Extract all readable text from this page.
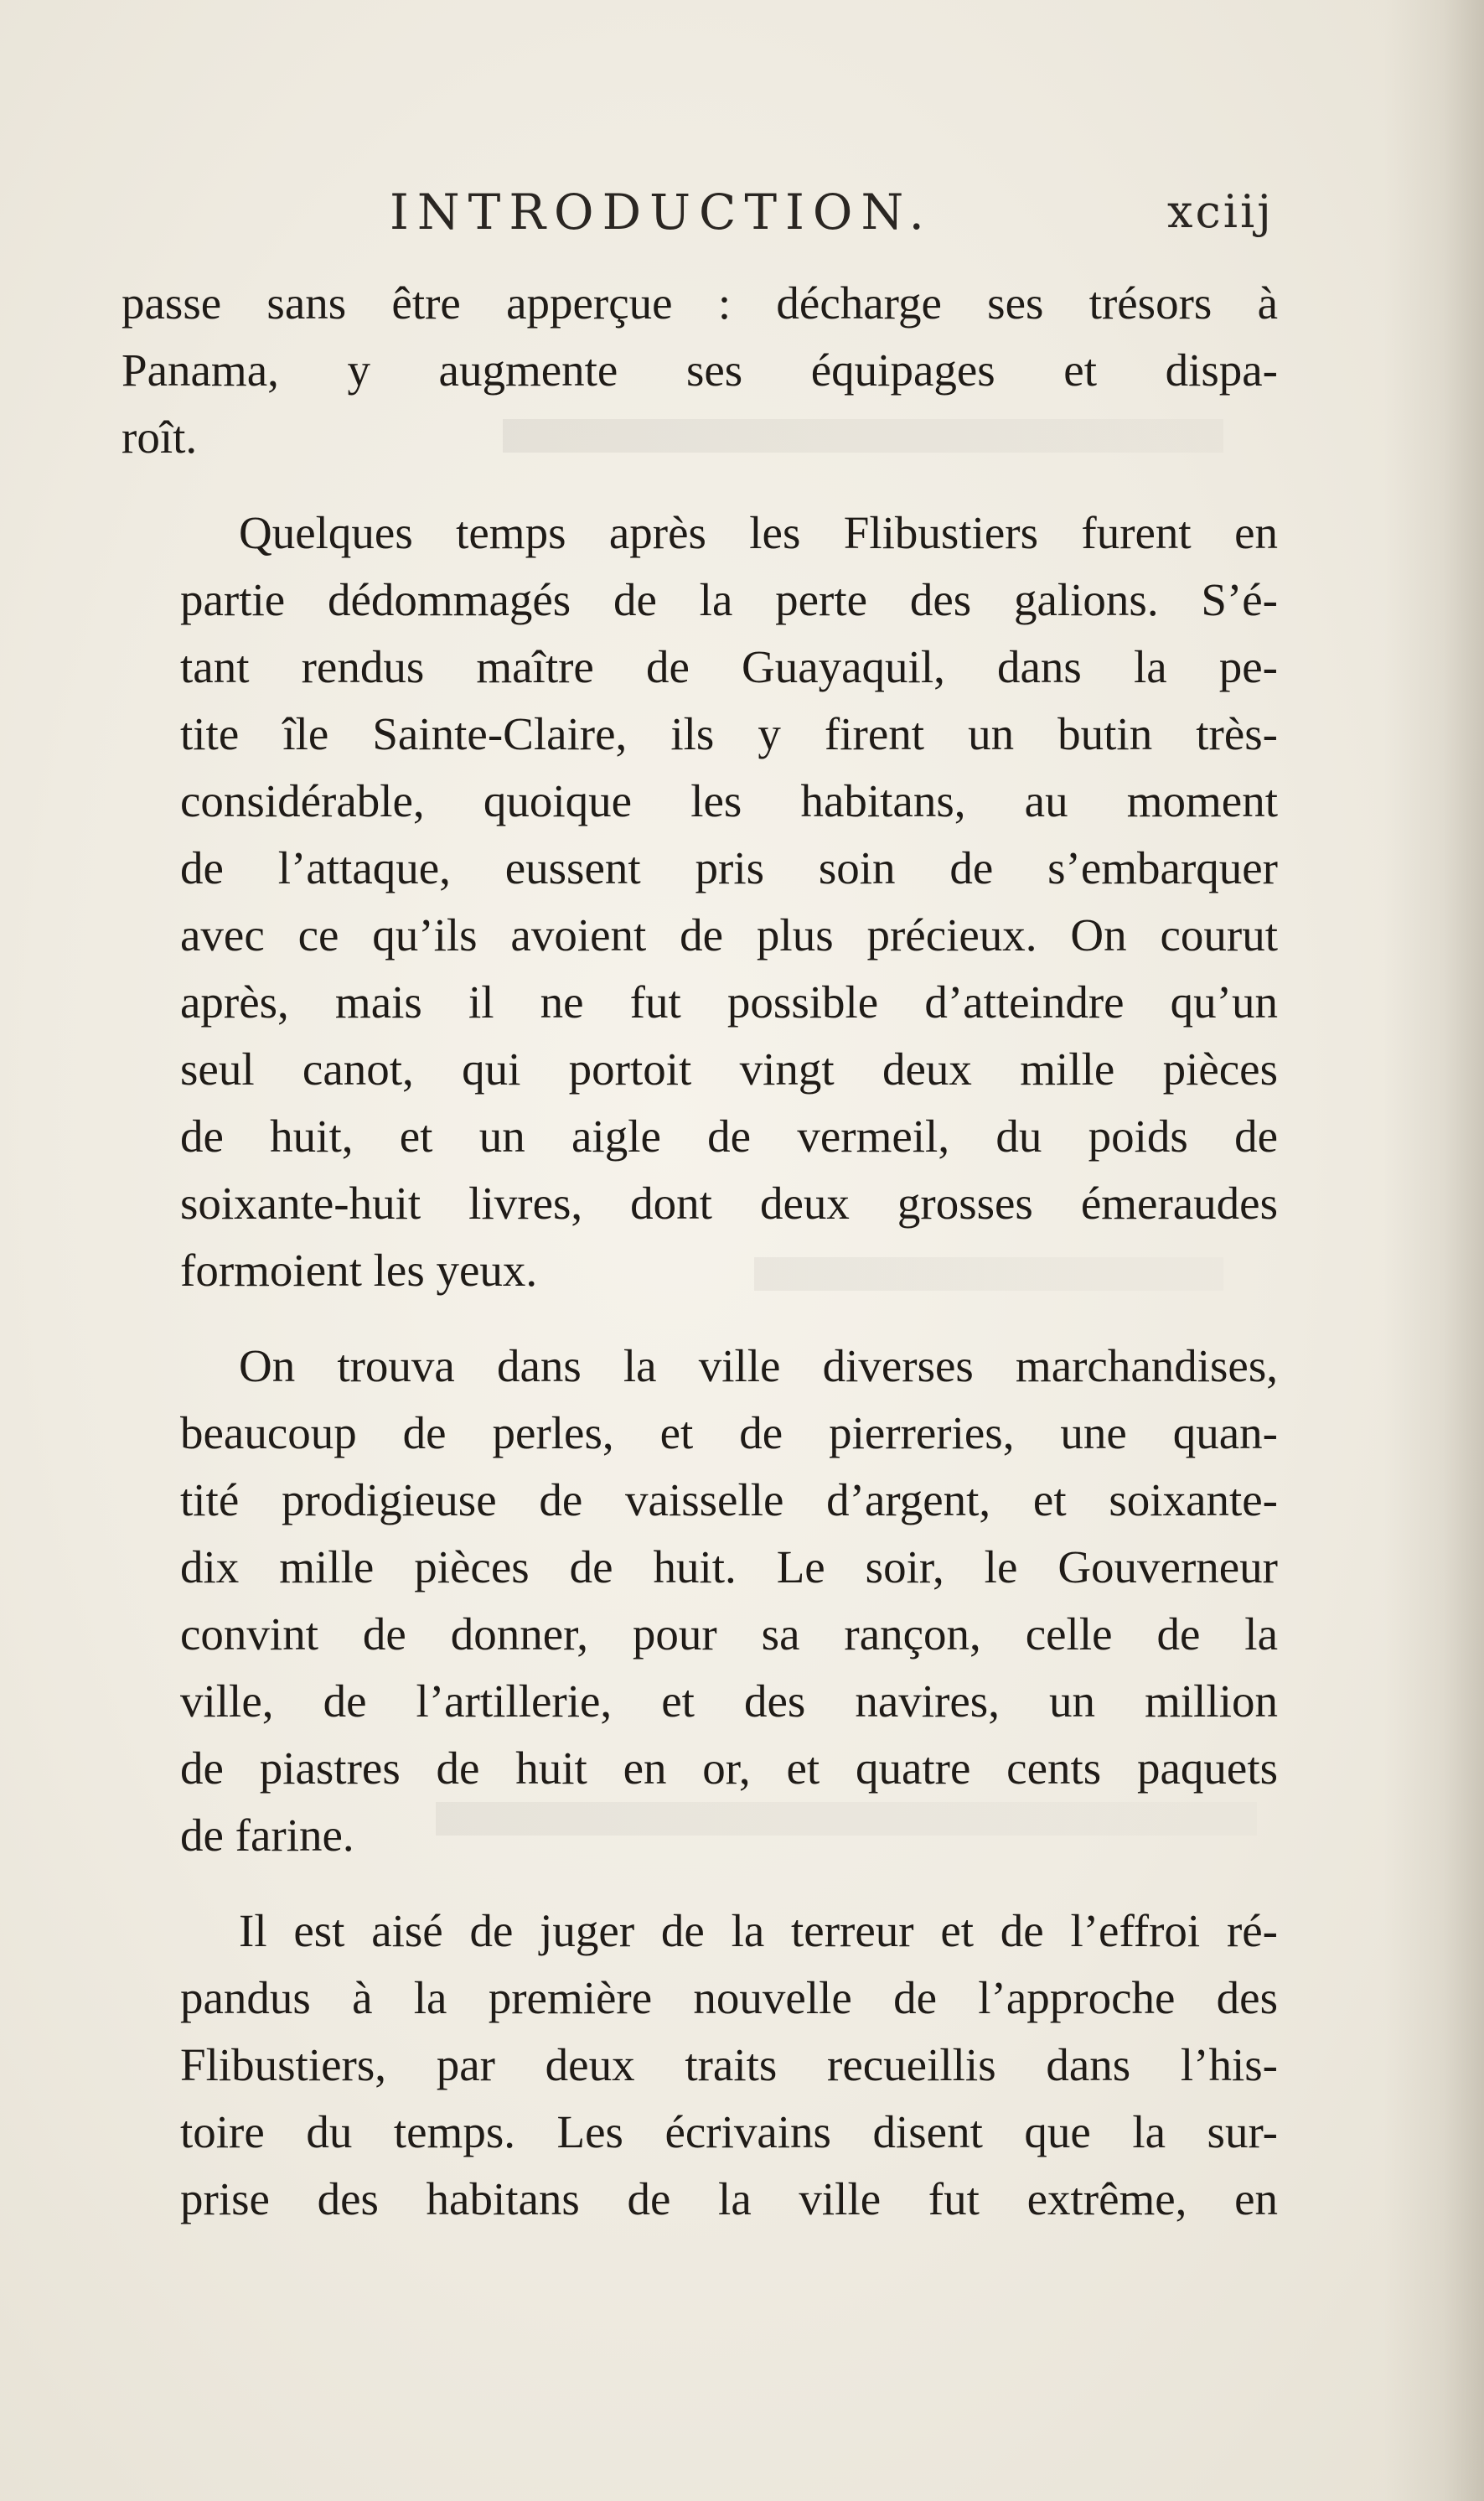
INTRODUCTION.	xciij

passe sans être apperçue : décharge ses trésors à
Panama, y augmente ses équipages et dispa-
roît.

Quelques temps après les Flibustiers furent en
partie dédommagés de la perte des galions. S’é-
tant rendus maître de Guayaquil, dans la pe-
tite île Sainte-Claire, ils y firent un butin très-
considérable, quoique les habitans, au moment
de l’attaque, eussent pris soin de s’embarquer
avec ce qu’ils avoient de plus précieux. On courut
après, mais il ne fut possible d’atteindre qu’un
seul canot, qui portoit vingt deux mille pièces
de huit, et un aigle de vermeil, du poids de
soixante-huit livres, dont deux grosses émeraudes
formoient les yeux.

On trouva dans la ville diverses marchandises,
beaucoup de perles, et de pierreries, une quan-
tité prodigieuse de vaisselle d’argent, et soixante-
dix mille pièces de huit. Le soir, le Gouverneur
convint de donner, pour sa rançon, celle de la
ville, de l’artillerie, et des navires, un million
de piastres de huit en or, et quatre cents paquets
de farine.

Il est aisé de juger de la terreur et de l’effroi ré-
pandus à la première nouvelle de l’approche des
Flibustiers, par deux traits recueillis dans l’his-
toire du temps. Les écrivains disent que la sur-
prise des habitans de la ville fut extrême, en
